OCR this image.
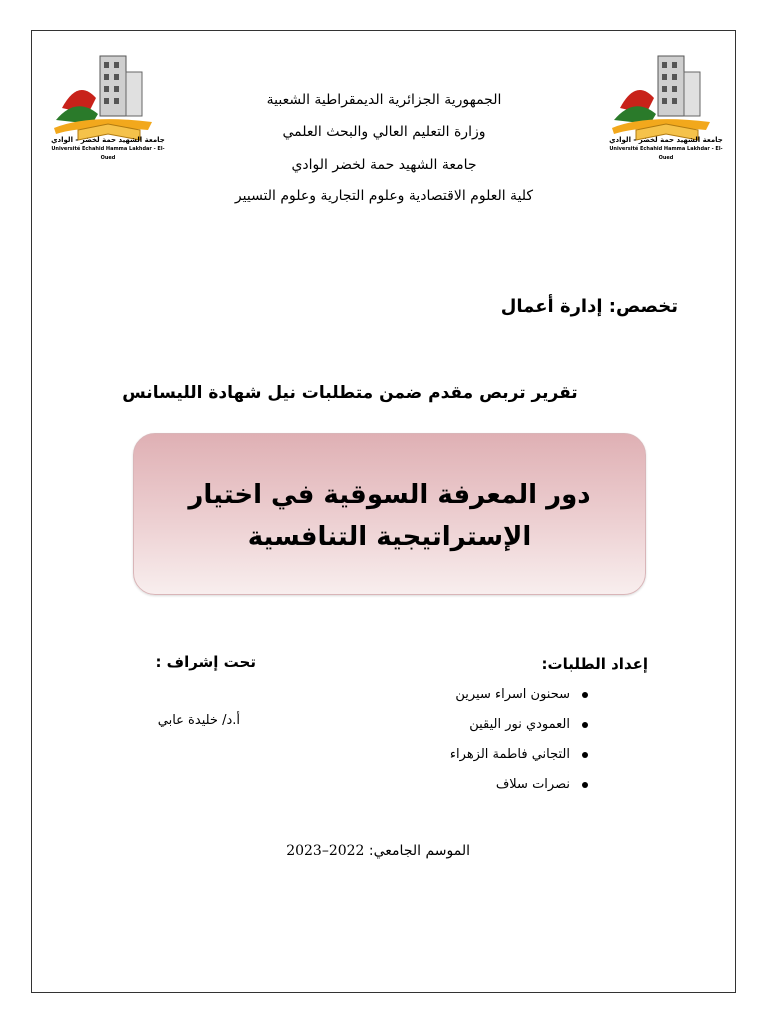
جامعة الشهيد حمة لخضر - الوادي
Université Echahid Hamma Lakhdar - El-Oued
جامعة الشهيد حمة لخضر - الوادي
Université Echahid Hamma Lakhdar - El-Oued
الجمهورية الجزائرية الديمقراطية الشعبية
وزارة التعليم العالي والبحث العلمي
جامعة الشهيد حمة لخضر الوادي
كلية العلوم الاقتصادية وعلوم التجارية وعلوم التسيير
تخصص: إدارة أعمال
تقرير تربص مقدم ضمن متطلبات نيل شهادة الليسانس
دور المعرفة السوقية في اختيار
الإستراتيجية التنافسية
إعداد الطلبات:
تحت إشراف :
سحنون اسراء سيرين
العمودي نور اليقين
التجاني فاطمة الزهراء
نصرات سلاف
أ.د/ خليدة عابي
الموسم الجامعي: 2022–2023
